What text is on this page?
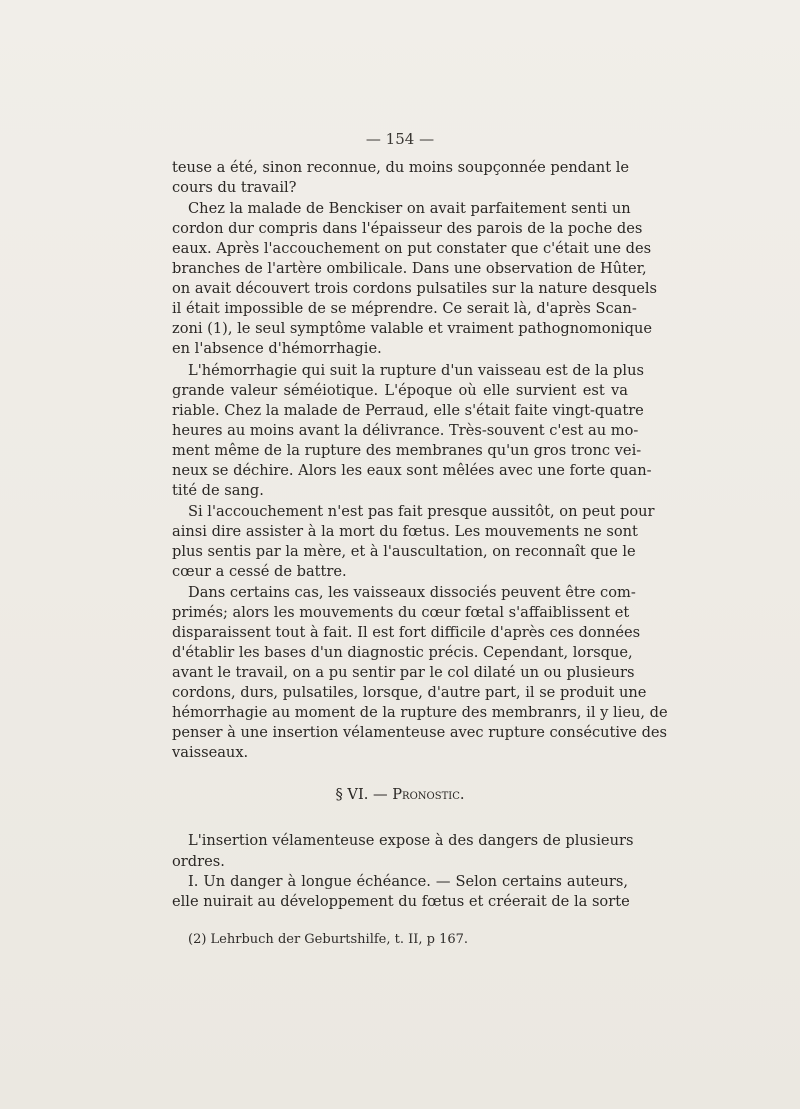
— 154 —
teuse a été, sinon reconnue, du moins soupçonnée pendant le
cours du travail?
Chez la malade de Benckiser on avait parfaitement senti un
cordon dur compris dans l'épaisseur des parois de la poche des
eaux. Après l'accouchement on put constater que c'était une des
branches de l'artère ombilicale. Dans une observation de Hûter,
on avait découvert trois cordons pulsatiles sur la nature desquels
il était impossible de se méprendre. Ce serait là, d'après Scan-
zoni (1), le seul symptôme valable et vraiment pathognomonique
en l'absence d'hémorrhagie.
L'hémorrhagie qui suit la rupture d'un vaisseau est de la plus
grande valeur séméiotique. L'époque où elle survient est va
riable. Chez la malade de Perraud, elle s'était faite vingt-quatre
heures au moins avant la délivrance. Très-souvent c'est au mo-
ment même de la rupture des membranes qu'un gros tronc vei-
neux se déchire. Alors les eaux sont mêlées avec une forte quan-
tité de sang.
Si l'accouchement n'est pas fait presque aussitôt, on peut pour
ainsi dire assister à la mort du fœtus. Les mouvements ne sont
plus sentis par la mère, et à l'auscultation, on reconnaît que le
cœur a cessé de battre.
Dans certains cas, les vaisseaux dissociés peuvent être com-
primés; alors les mouvements du cœur fœtal s'affaiblissent et
disparaissent tout à fait. Il est fort difficile d'après ces données
d'établir les bases d'un diagnostic précis. Cependant, lorsque,
avant le travail, on a pu sentir par le col dilaté un ou plusieurs
cordons, durs, pulsatiles, lorsque, d'autre part, il se produit une
hémorrhagie au moment de la rupture des membranrs, il y lieu, de
penser à une insertion vélamenteuse avec rupture consécutive des
vaisseaux.
L'insertion vélamenteuse expose à des dangers de plusieurs
ordres.
I. Un danger à longue échéance. — Selon certains auteurs,
elle nuirait au développement du fœtus et créerait de la sorte
§ VI. — Pronostic.
(2) Lehrbuch der Geburtshilfe, t. II, p 167.
